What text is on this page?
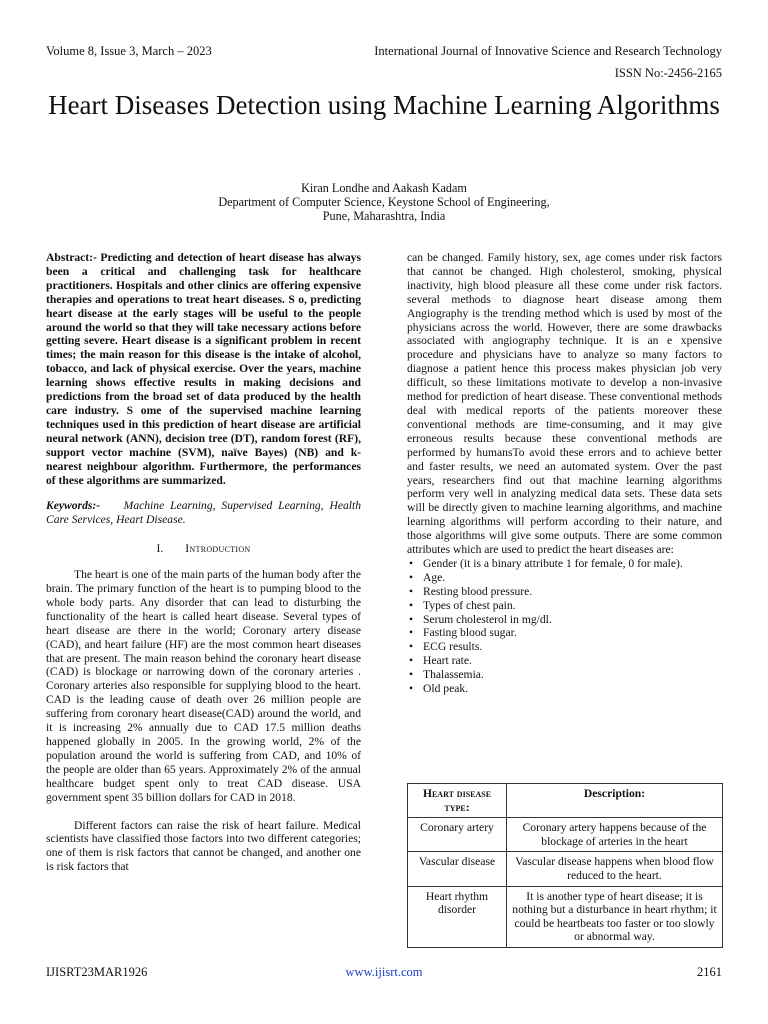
Volume 8, Issue 3, March – 2023	International Journal of Innovative Science and Research Technology
ISSN No:-2456-2165
Heart Diseases Detection using Machine Learning Algorithms
Kiran Londhe and Aakash Kadam
Department of Computer Science, Keystone School of Engineering,
Pune, Maharashtra, India

Abstract:- Predicting and detection of heart disease has always been a critical and challenging task for healthcare practitioners. Hospitals and other clinics are offering expensive therapies and operations to treat heart diseases. S o, predicting heart disease at the early stages will be useful to the people around the world so that they will take necessary actions before getting severe. Heart disease is a significant problem in recent times; the main reason for this disease is the intake of alcohol, tobacco, and lack of physical exercise. Over the years, machine learning shows effective results in making decisions and predictions from the broad set of data produced by the health care industry. S ome of the supervised machine learning techniques used in this prediction of heart disease are artificial neural network (ANN), decision tree (DT), random forest (RF), support vector machine (SVM), naïve Bayes) (NB) and k- nearest neighbour algorithm. Furthermore, the performances of these algorithms are summarized.

Keywords:- Machine Learning, Supervised Learning, Health Care Services, Heart Disease.

I. Introduction

The heart is one of the main parts of the human body after the brain. The primary function of the heart is to pumping blood to the whole body parts. Any disorder that can lead to disturbing the functionality of the heart is called heart disease. Several types of heart disease are there in the world; Coronary artery disease (CAD), and heart failure (HF) are the most common heart diseases that are present. The main reason behind the coronary heart disease (CAD) is blockage or narrowing down of the coronary arteries . Coronary arteries also responsible for supplying blood to the heart. CAD is the leading cause of death over 26 million people are suffering from coronary heart disease(CAD) around the world, and it is increasing 2% annually due to CAD 17.5 million deaths happened globally in 2005. In the growing world, 2% of the population around the world is suffering from CAD, and 10% of the people are older than 65 years. Approximately 2% of the annual healthcare budget spent only to treat CAD disease. USA government spent 35 billion dollars for CAD in 2018.

Different factors can raise the risk of heart failure. Medical scientists have classified those factors into two different categories; one of them is risk factors that cannot be changed, and another one is risk factors that

can be changed. Family history, sex, age comes under risk factors that cannot be changed. High cholesterol, smoking, physical inactivity, high blood pleasure all these come under risk factors. several methods to diagnose heart disease among them Angiography is the trending method which is used by most of the physicians across the world. However, there are some drawbacks associated with angiography technique. It is an e xpensive procedure and physicians have to analyze so many factors to diagnose a patient hence this process makes physician job very difficult, so these limitations motivate to develop a non-invasive method for prediction of heart disease. These conventional methods deal with medical reports of the patients moreover these conventional methods are time-consuming, and it may give erroneous results because these conventional methods are performed by humansTo avoid these errors and to achieve better and faster results, we need an automated system. Over the past years, researchers find out that machine learning algorithms perform very well in analyzing medical data sets. These data sets will be directly given to machine learning algorithms, and machine learning algorithms will perform according to their nature, and those algorithms will give some outputs. There are some common attributes which are used to predict the heart diseases are:

• Gender (it is a binary attribute 1 for female, 0 for male).
• Age.
• Resting blood pressure.
• Types of chest pain.
• Serum cholesterol in mg/dl.
• Fasting blood sugar.
• ECG results.
• Heart rate.
• Thalassemia.
• Old peak.
Heart disease type:	Description:
Coronary artery	Coronary artery happens because of the blockage of arteries in the heart
Vascular disease	Vascular disease happens when blood flow reduced to the heart.
Heart rhythm disorder	It is another type of heart disease; it is nothing but a disturbance in heart rhythm; it could be heartbeats too faster or too slowly or abnormal way.
IJISRT23MAR1926	www.ijisrt.com	2161
